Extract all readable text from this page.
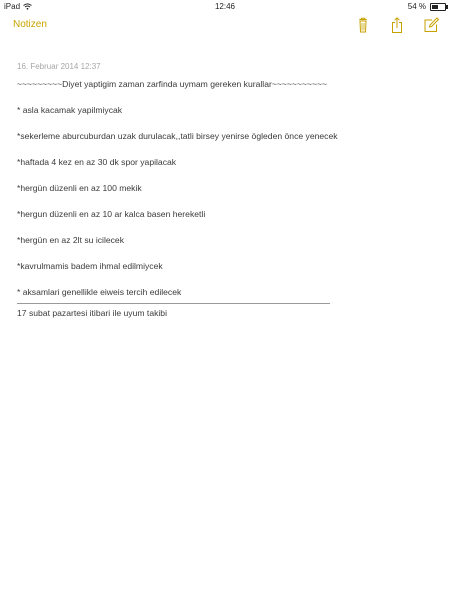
iPad	12:46	54 %
Notizen
16. Februar 2014 12:37

~~~~~~~~~Diyet yaptigim zaman zarfinda uymam gereken kurallar~~~~~~~~~~~

* asla kacamak yapilmiycak

*sekerleme aburcuburdan uzak durulacak,,tatli birsey yenirse ögleden önce yenecek

*haftada 4 kez en az 30 dk spor yapilacak

*hergün düzenli en az 100 mekik

*hergun düzenli en az 10 ar kalca basen hereketli

*hergün en az 2lt su icilecek

*kavrulmamis badem ihmal edilmiycek

* aksamlari genellikle eiweis tercih edilecek

17 subat pazartesi itibari ile uyum takibi
